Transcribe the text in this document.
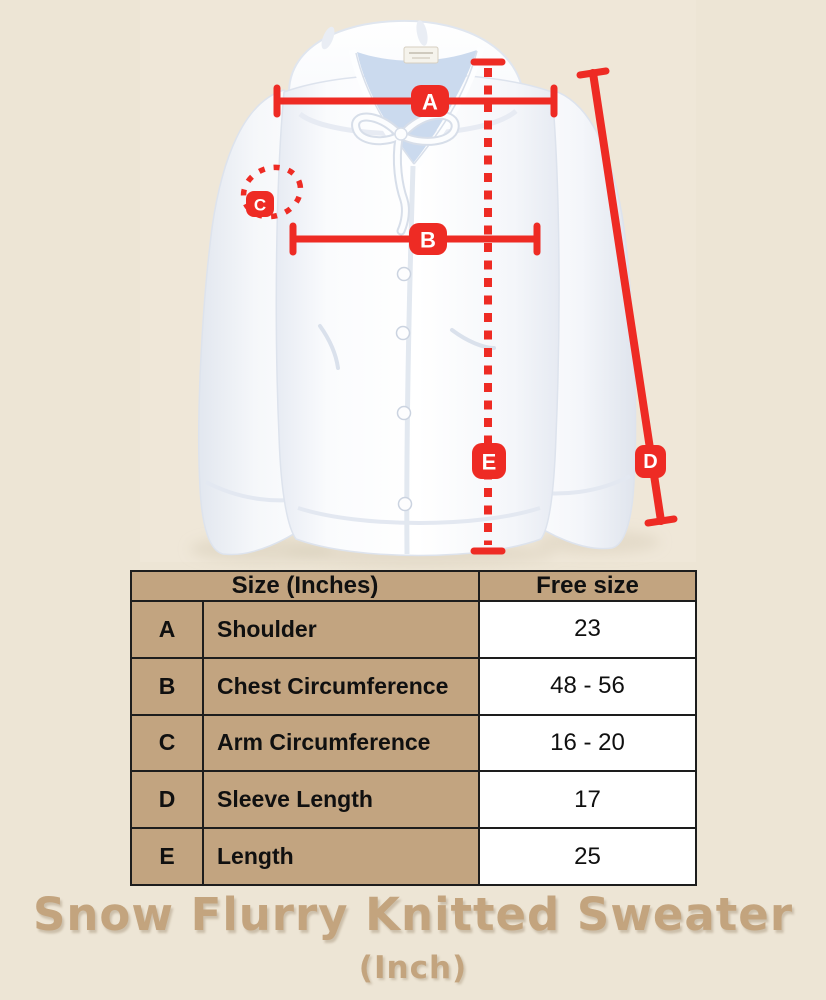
A
B
C
D
E
Size (Inches)		Free size
A	Shoulder	23
B	Chest Circumference	48 - 56
C	Arm Circumference	16 - 20
D	Sleeve Length	17
E	Length	25
Snow Flurry Knitted Sweater
(Inch)
